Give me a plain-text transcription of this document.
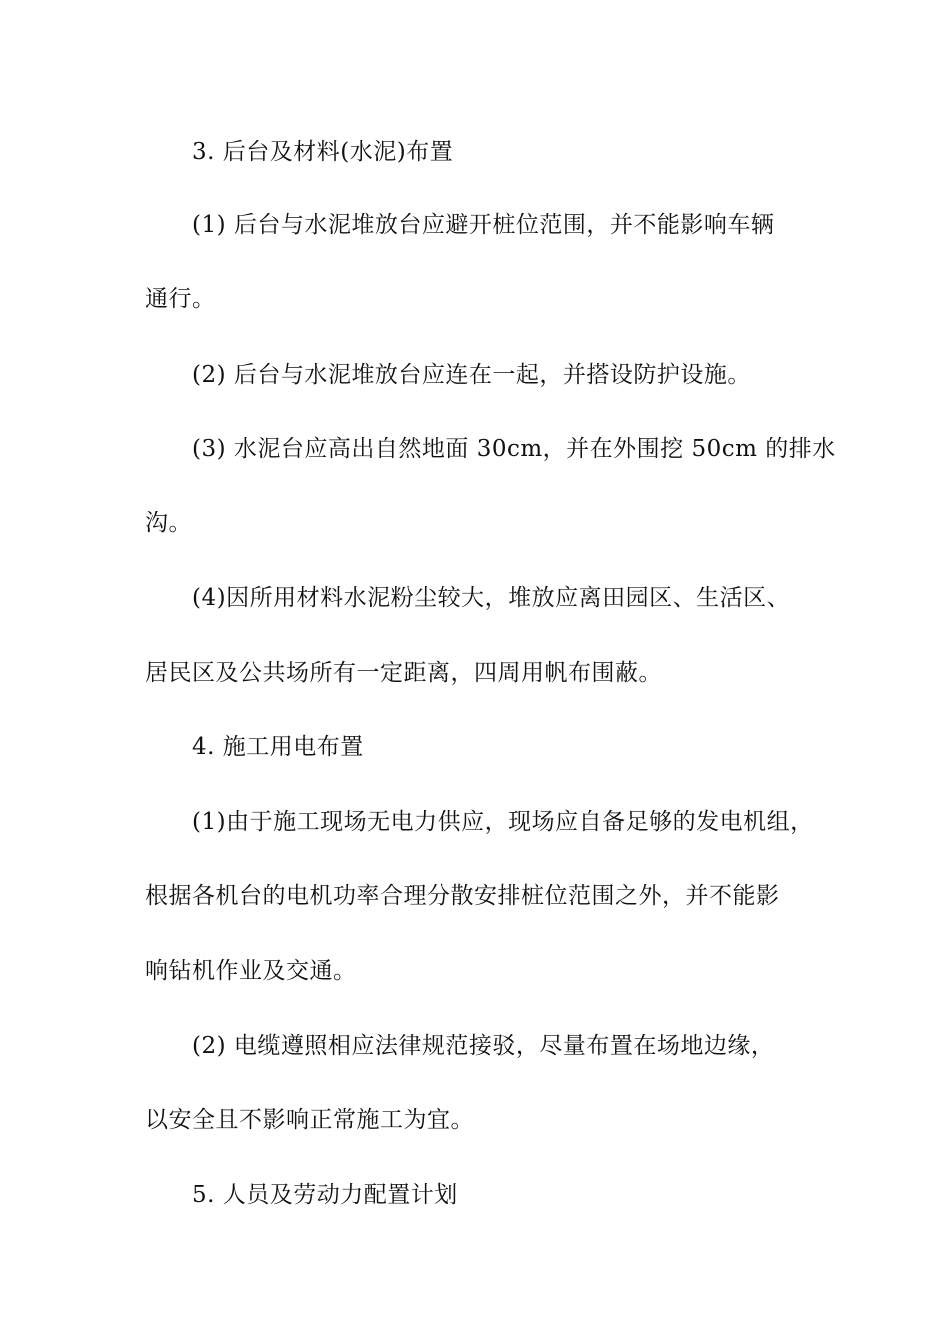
3. 后台及材料(水泥)布置
(1) 后台与水泥堆放台应避开桩位范围，并不能影响车辆
通行。
(2) 后台与水泥堆放台应连在一起，并搭设防护设施。
(3) 水泥台应高出自然地面 30cm，并在外围挖 50cm 的排水
沟。
(4)因所用材料水泥粉尘较大，堆放应离田园区、生活区、
居民区及公共场所有一定距离，四周用帆布围蔽。
4. 施工用电布置
(1)由于施工现场无电力供应，现场应自备足够的发电机组，
根据各机台的电机功率合理分散安排桩位范围之外，并不能影
响钻机作业及交通。
(2) 电缆遵照相应法律规范接驳，尽量布置在场地边缘，
以安全且不影响正常施工为宜。
5. 人员及劳动力配置计划
